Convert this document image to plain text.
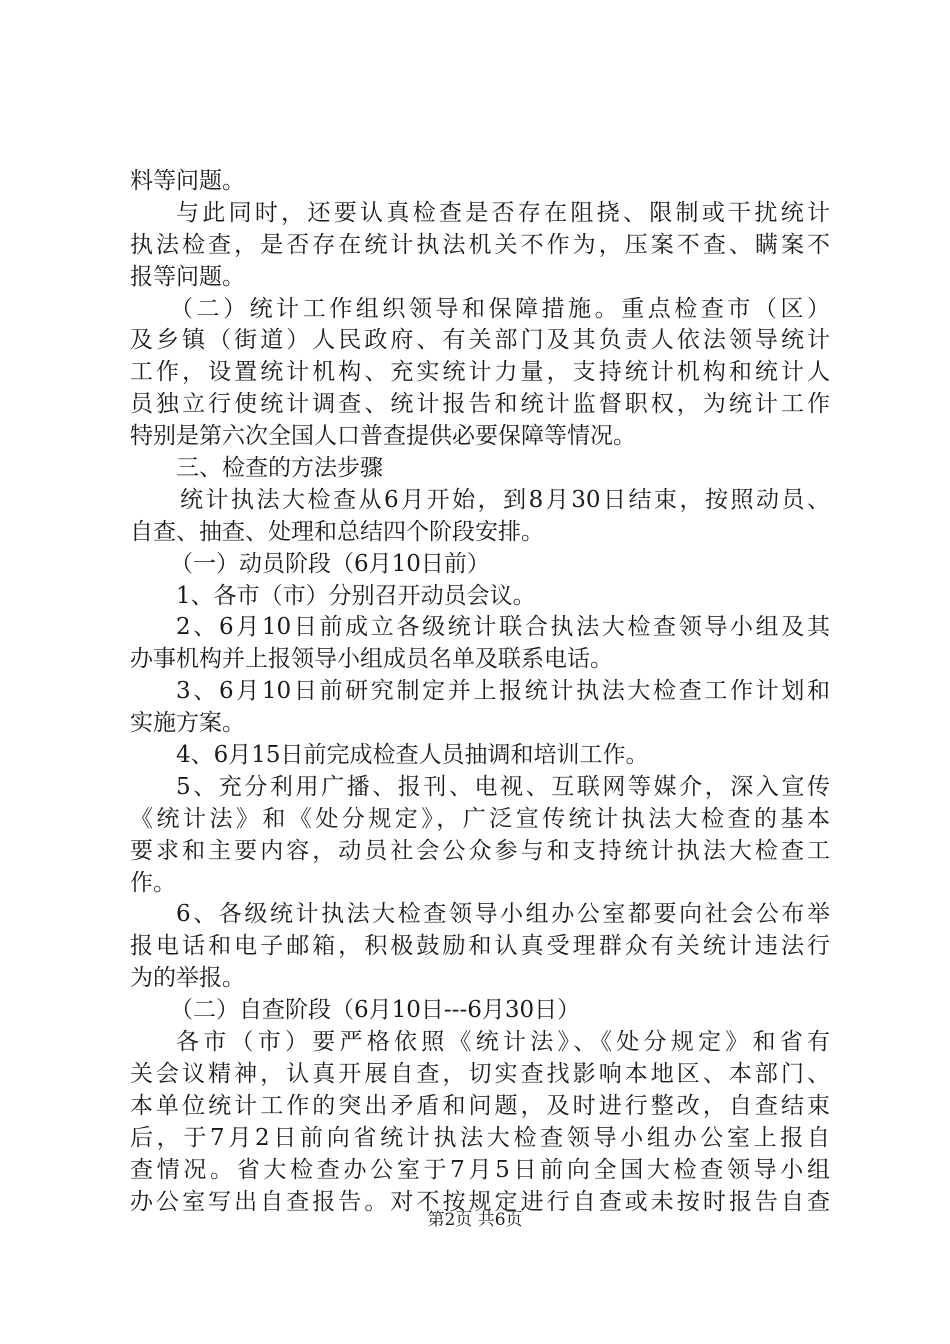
料等问题。
与此同时，还要认真检查是否存在阻挠、限制或干扰统计
执法检查，是否存在统计执法机关不作为，压案不查、瞒案不
报等问题。
（二）统计工作组织领导和保障措施。重点检查市（区）
及乡镇（街道）人民政府、有关部门及其负责人依法领导统计
工作，设置统计机构、充实统计力量，支持统计机构和统计人
员独立行使统计调查、统计报告和统计监督职权，为统计工作
特别是第六次全国人口普查提供必要保障等情况。
三、检查的方法步骤
统计执法大检查从6月开始，到8月30日结束，按照动员、
自查、抽查、处理和总结四个阶段安排。
（一）动员阶段（6月10日前）
1、各市（市）分别召开动员会议。
2、6月10日前成立各级统计联合执法大检查领导小组及其
办事机构并上报领导小组成员名单及联系电话。
3、6月10日前研究制定并上报统计执法大检查工作计划和
实施方案。
4、6月15日前完成检查人员抽调和培训工作。
5、充分利用广播、报刊、电视、互联网等媒介，深入宣传
《统计法》和《处分规定》，广泛宣传统计执法大检查的基本
要求和主要内容，动员社会公众参与和支持统计执法大检查工
作。
6、各级统计执法大检查领导小组办公室都要向社会公布举
报电话和电子邮箱，积极鼓励和认真受理群众有关统计违法行
为的举报。
（二）自查阶段（6月10日---6月30日）
各市（市）要严格依照《统计法》、《处分规定》和省有
关会议精神，认真开展自查，切实查找影响本地区、本部门、
本单位统计工作的突出矛盾和问题，及时进行整改，自查结束
后，于7月2日前向省统计执法大检查领导小组办公室上报自
查情况。省大检查办公室于7月5日前向全国大检查领导小组
办公室写出自查报告。对不按规定进行自查或未按时报告自查
第2页 共6页
